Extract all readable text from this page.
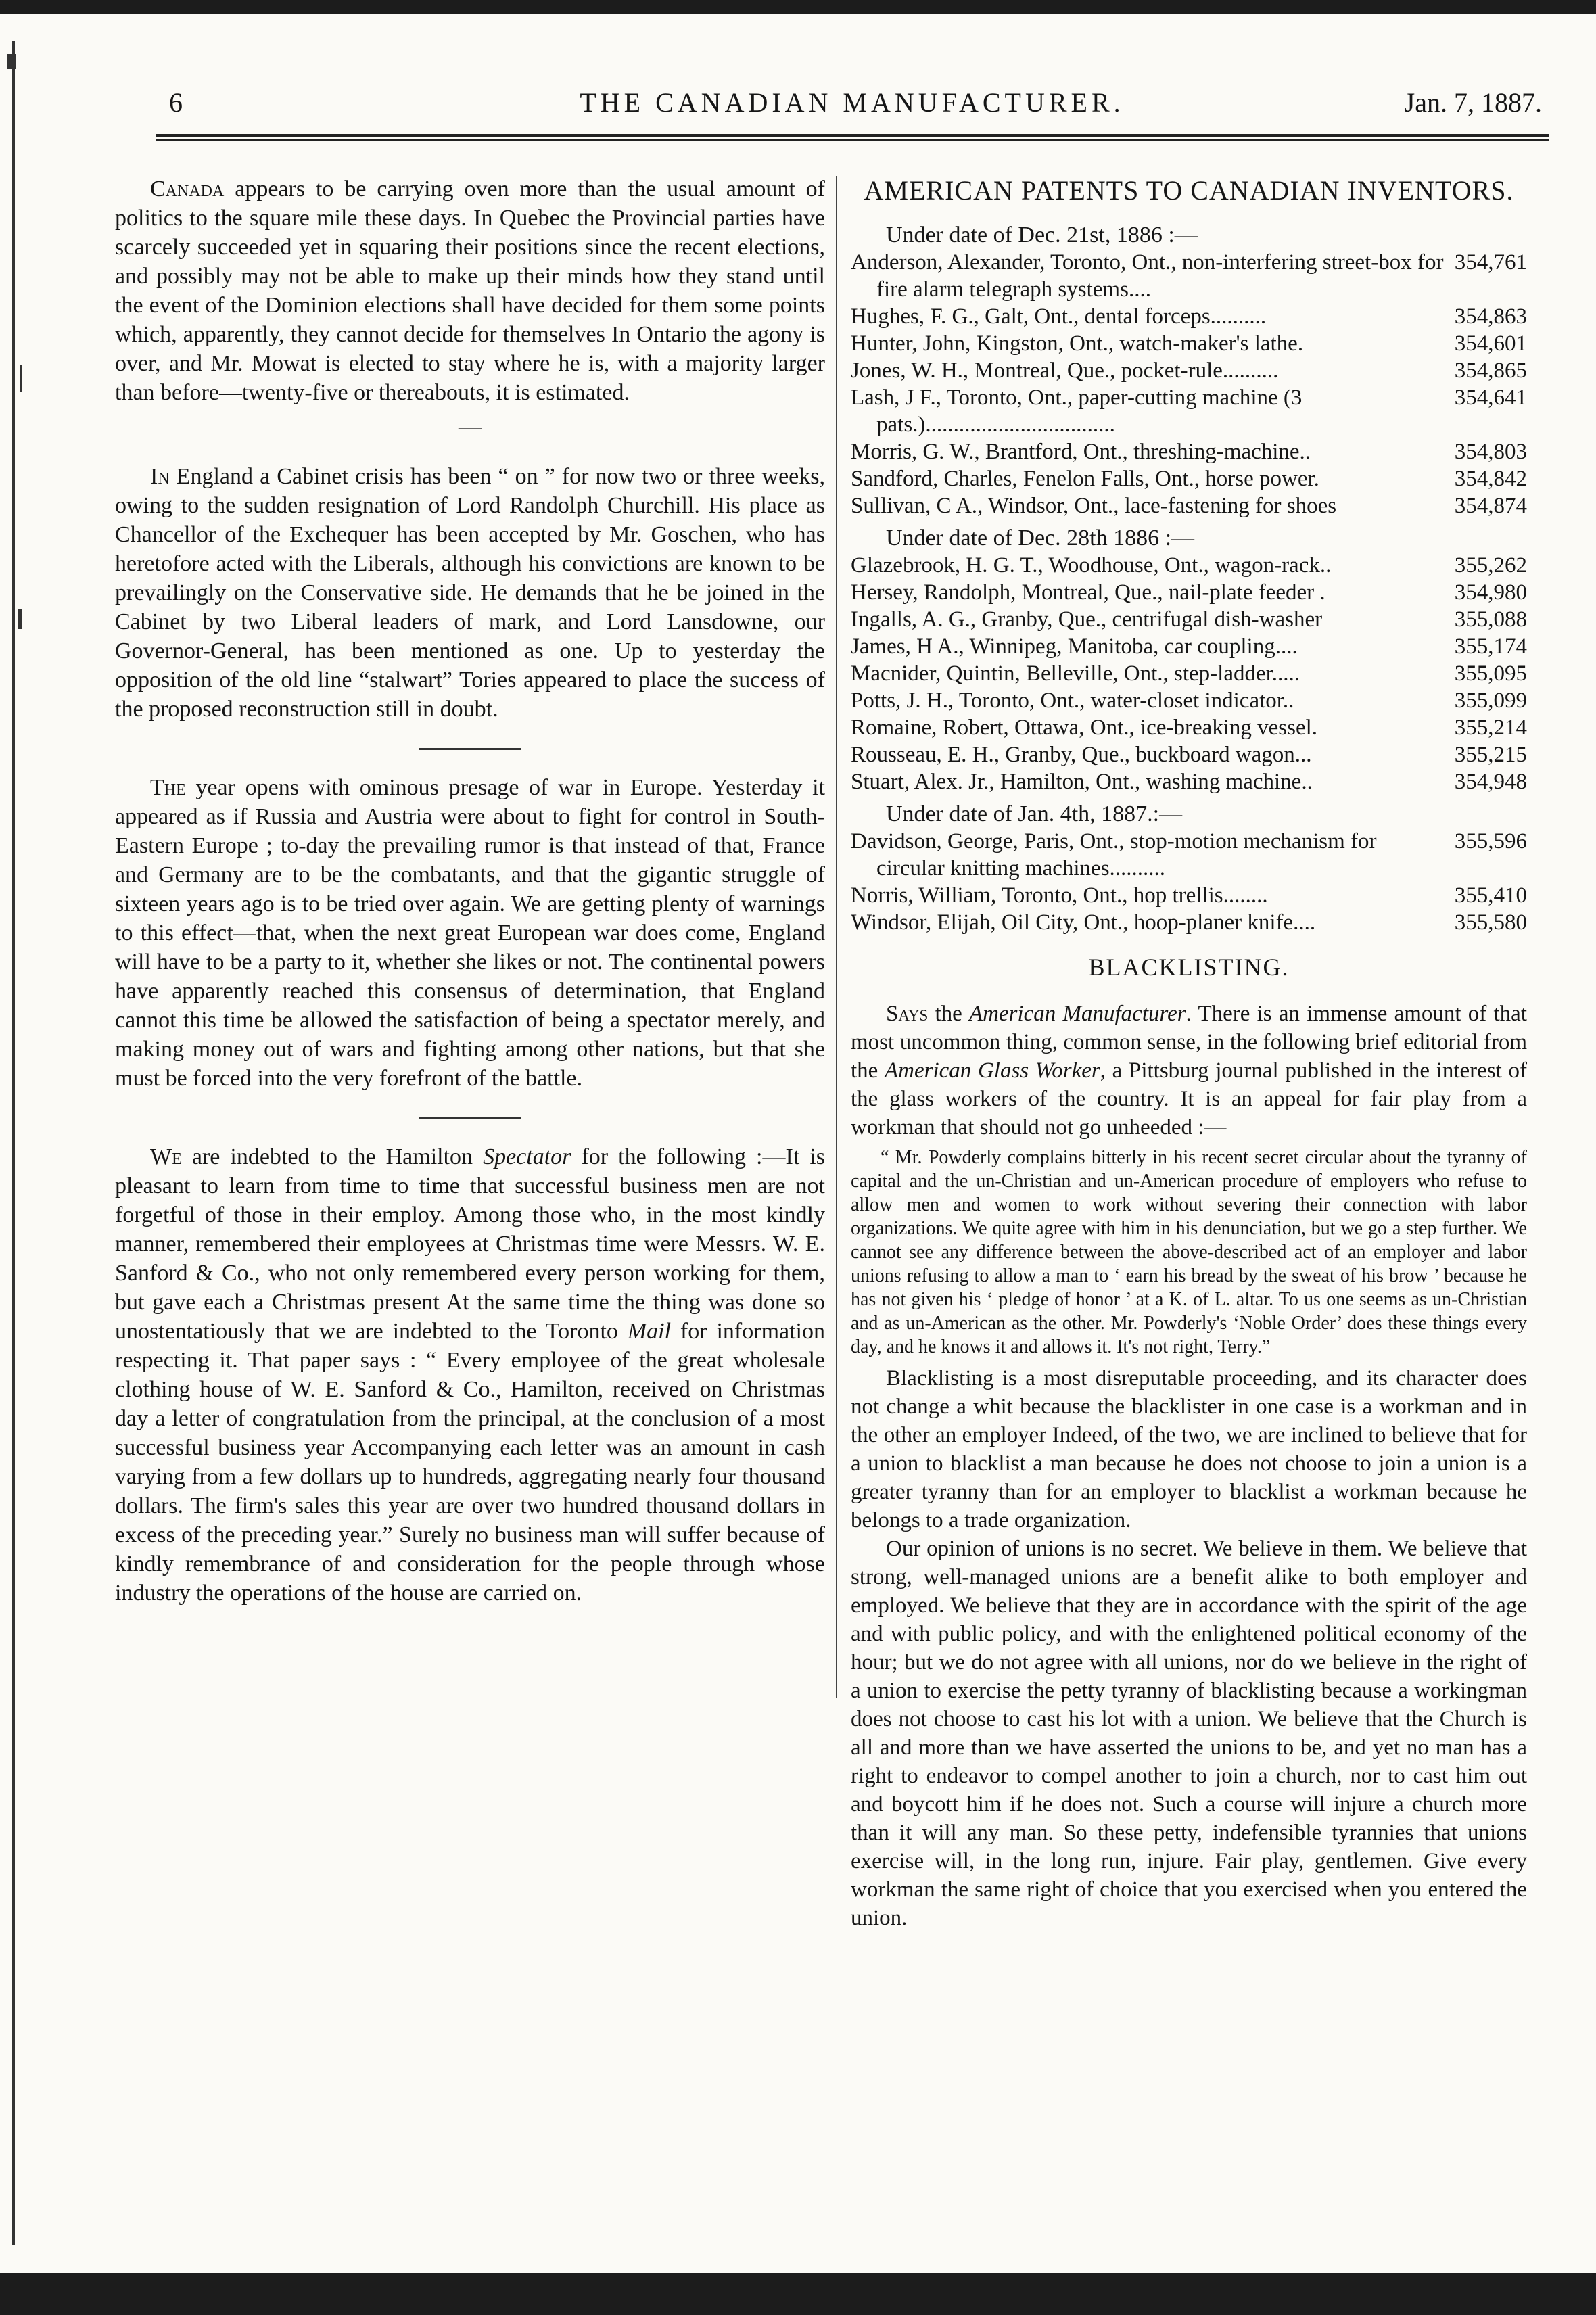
6	THE CANADIAN MANUFACTURER.	Jan. 7, 1887.

Canada appears to be carrying oven more than the usual amount of politics to the square mile these days. In Quebec the Provincial parties have scarcely succeeded yet in squaring their positions since the recent elections, and possibly may not be able to make up their minds how they stand until the event of the Dominion elections shall have decided for them some points which, apparently, they cannot decide for themselves In Ontario the agony is over, and Mr. Mowat is elected to stay where he is, with a majority larger than before—twenty-five or thereabouts, it is estimated.

—

In England a Cabinet crisis has been “ on ” for now two or three weeks, owing to the sudden resignation of Lord Randolph Churchill. His place as Chancellor of the Exchequer has been accepted by Mr. Goschen, who has heretofore acted with the Liberals, although his convictions are known to be prevailingly on the Conservative side. He demands that he be joined in the Cabinet by two Liberal leaders of mark, and Lord Lansdowne, our Governor-General, has been mentioned as one. Up to yesterday the opposition of the old line “stalwart” Tories appeared to place the success of the proposed reconstruction still in doubt.

The year opens with ominous presage of war in Europe. Yesterday it appeared as if Russia and Austria were about to fight for control in South-Eastern Europe ; to-day the prevailing rumor is that instead of that, France and Germany are to be the combatants, and that the gigantic struggle of sixteen years ago is to be tried over again. We are getting plenty of warnings to this effect—that, when the next great European war does come, England will have to be a party to it, whether she likes or not. The continental powers have apparently reached this consensus of determination, that England cannot this time be allowed the satisfaction of being a spectator merely, and making money out of wars and fighting among other nations, but that she must be forced into the very forefront of the battle.

We are indebted to the Hamilton Spectator for the following :—It is pleasant to learn from time to time that successful business men are not forgetful of those in their employ. Among those who, in the most kindly manner, remembered their employees at Christmas time were Messrs. W. E. Sanford & Co., who not only remembered every person working for them, but gave each a Christmas present At the same time the thing was done so unostentatiously that we are indebted to the Toronto Mail for information respecting it. That paper says : “ Every employee of the great wholesale clothing house of W. E. Sanford & Co., Hamilton, received on Christmas day a letter of congratulation from the principal, at the conclusion of a most successful business year Accompanying each letter was an amount in cash varying from a few dollars up to hundreds, aggregating nearly four thousand dollars. The firm's sales this year are over two hundred thousand dollars in excess of the preceding year.” Surely no business man will suffer because of kindly remembrance of and consideration for the people through whose industry the operations of the house are carried on.

AMERICAN PATENTS TO CANADIAN INVENTORS.
Under date of Dec. 21st, 1886 :—
Anderson, Alexander, Toronto, Ont., non-interfering street-box for fire alarm telegraph systems....
354,761
Hughes, F. G., Galt, Ont., dental forceps..........	354,863
Hunter, John, Kingston, Ont., watch-maker's lathe.	354,601
Jones, W. H., Montreal, Que., pocket-rule..........	354,865
Lash, J F., Toronto, Ont., paper-cutting machine (3 pats.)..................................
354,641
Morris, G. W., Brantford, Ont., threshing-machine..	354,803
Sandford, Charles, Fenelon Falls, Ont., horse power.	354,842
Sullivan, C A., Windsor, Ont., lace-fastening for shoes	354,874
Under date of Dec. 28th 1886 :—
Glazebrook, H. G. T., Woodhouse, Ont., wagon-rack..	355,262
Hersey, Randolph, Montreal, Que., nail-plate feeder .	354,980
Ingalls, A. G., Granby, Que., centrifugal dish-washer	355,088
James, H A., Winnipeg, Manitoba, car coupling....	355,174
Macnider, Quintin, Belleville, Ont., step-ladder.....	355,095
Potts, J. H., Toronto, Ont., water-closet indicator..	355,099
Romaine, Robert, Ottawa, Ont., ice-breaking vessel.	355,214
Rousseau, E. H., Granby, Que., buckboard wagon...	355,215
Stuart, Alex. Jr., Hamilton, Ont., washing machine..	354,948
Under date of Jan. 4th, 1887.:—
Davidson, George, Paris, Ont., stop-motion mechanism for circular knitting machines..........
355,596
Norris, William, Toronto, Ont., hop trellis........	355,410
Windsor, Elijah, Oil City, Ont., hoop-planer knife....	355,580
BLACKLISTING.

Says the American Manufacturer. There is an immense amount of that most uncommon thing, common sense, in the following brief editorial from the American Glass Worker, a Pittsburg journal published in the interest of the glass workers of the country. It is an appeal for fair play from a workman that should not go unheeded :—

“ Mr. Powderly complains bitterly in his recent secret circular about the tyranny of capital and the un-Christian and un-American procedure of employers who refuse to allow men and women to work without severing their connection with labor organizations. We quite agree with him in his denunciation, but we go a step further. We cannot see any difference between the above-described act of an employer and labor unions refusing to allow a man to ‘ earn his bread by the sweat of his brow ’ because he has not given his ‘ pledge of honor ’ at a K. of L. altar. To us one seems as un-Christian and as un-American as the other. Mr. Powderly's ‘Noble Order’ does these things every day, and he knows it and allows it. It's not right, Terry.”

Blacklisting is a most disreputable proceeding, and its character does not change a whit because the blacklister in one case is a workman and in the other an employer Indeed, of the two, we are inclined to believe that for a union to blacklist a man because he does not choose to join a union is a greater tyranny than for an employer to blacklist a workman because he belongs to a trade organization.

Our opinion of unions is no secret. We believe in them. We believe that strong, well-managed unions are a benefit alike to both employer and employed. We believe that they are in accordance with the spirit of the age and with public policy, and with the enlightened political economy of the hour; but we do not agree with all unions, nor do we believe in the right of a union to exercise the petty tyranny of blacklisting because a workingman does not choose to cast his lot with a union. We believe that the Church is all and more than we have asserted the unions to be, and yet no man has a right to endeavor to compel another to join a church, nor to cast him out and boycott him if he does not. Such a course will injure a church more than it will any man. So these petty, indefensible tyrannies that unions exercise will, in the long run, injure. Fair play, gentlemen. Give every workman the same right of choice that you exercised when you entered the union.
